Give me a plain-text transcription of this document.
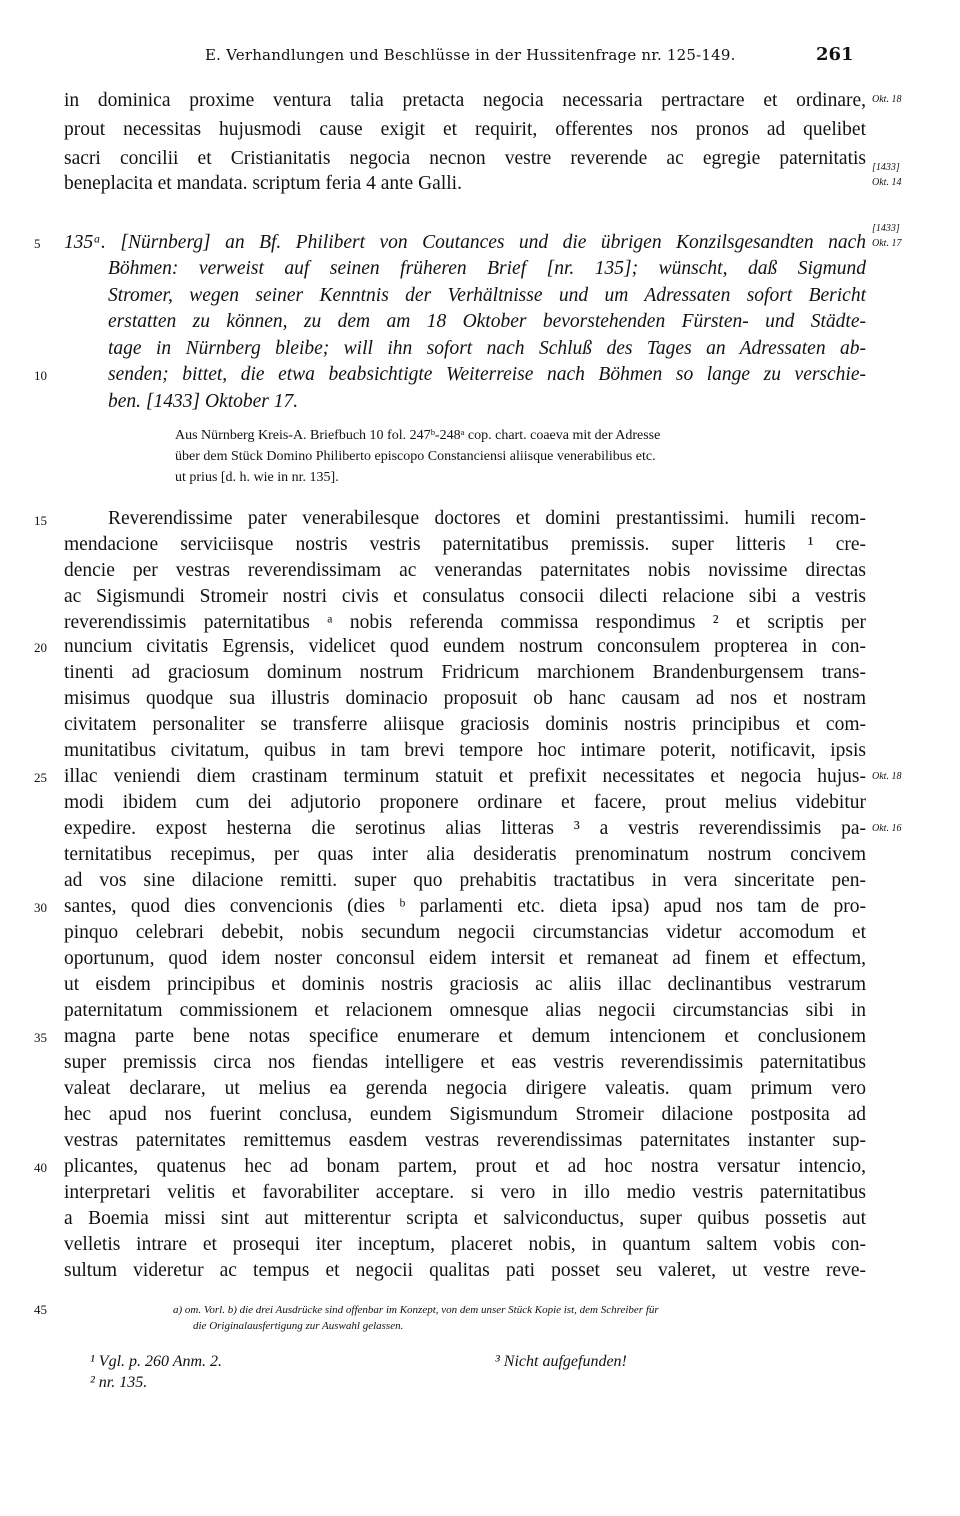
E. Verhandlungen und Beschlüsse in der Hussitenfrage nr. 125-149.	261
in dominica proxime ventura talia pretacta negocia necessaria pertractare et ordinare,
prout necessitas hujusmodi cause exigit et requirit, offerentes nos pronos ad quelibet
sacri concilii et Cristianitatis negocia necnon vestre reverende ac egregie paternitatis
beneplacita et mandata. scriptum feria 4 ante Galli.
Okt. 18
[1433]
Okt. 14
5	135ᵃ. [Nürnberg] an Bf. Philibert von Coutances und die übrigen Konzilsgesandten nach
Böhmen: verweist auf seinen früheren Brief [nr. 135]; wünscht, daß Sigmund
Stromer, wegen seiner Kenntnis der Verhältnisse und um Adressaten sofort Bericht
erstatten zu können, zu dem am 18 Oktober bevorstehenden Fürsten- und Städte-
tage in Nürnberg bleibe; will ihn sofort nach Schluß des Tages an Adressaten ab-
10	senden; bittet, die etwa beabsichtigte Weiterreise nach Böhmen so lange zu verschie-
ben. [1433] Oktober 17.
[1433]
Okt. 17
Aus Nürnberg Kreis-A. Briefbuch 10 fol. 247ᵇ-248ᵃ cop. chart. coaeva mit der Adresse
über dem Stück Domino Philiberto episcopo Constanciensi aliisque venerabilibus etc.
ut prius [d. h. wie in nr. 135].
15	Reverendissime pater venerabilesque doctores et domini prestantissimi. humili recom-
mendacione serviciisque nostris vestris paternitatibus premissis. super litteris ¹ cre-
dencie per vestras reverendissimam ac venerandas paternitates nobis novissime directas
ac Sigismundi Stromeir nostri civis et consulatus consocii dilecti relacione sibi a vestris
reverendissimis paternitatibus ᵃ nobis referenda commissa respondimus ² et scriptis per
20 nuncium civitatis Egrensis, videlicet quod eundem nostrum conconsulem propterea in con-
tinenti ad graciosum dominum nostrum Fridricum marchionem Brandenburgensem trans-
misimus quodque sua illustris dominacio proposuit ob hanc causam ad nos et nostram
civitatem personaliter se transferre aliisque graciosis dominis nostris principibus et com-
munitatibus civitatum, quibus in tam brevi tempore hoc intimare poterit, notificavit, ipsis
25 illac veniendi diem crastinam terminum statuit et prefixit necessitates et negocia hujus-
modi ibidem cum dei adjutorio proponere ordinare et facere, prout melius videbitur
expedire. expost hesterna die serotinus alias litteras ³ a vestris reverendissimis pa-
ternitatibus recepimus, per quas inter alia desideratis prenominatum nostrum concivem
ad vos sine dilacione remitti. super quo prehabitis tractatibus in vera sinceritate pen-
30 santes, quod dies convencionis (dies ᵇ parlamenti etc. dieta ipsa) apud nos tam de pro-
pinquo celebrari debebit, nobis secundum negocii circumstancias videtur accomodum et
oportunum, quod idem noster conconsul eidem intersit et remaneat ad finem et effectum,
ut eisdem principibus et dominis nostris graciosis ac aliis illac declinantibus vestrarum
paternitatum commissionem et relacionem omnesque alias negocii circumstancias sibi in
35 magna parte bene notas specifice enumerare et demum intencionem et conclusionem
super premissis circa nos fiendas intelligere et eas vestris reverendissimis paternitatibus
valeat declarare, ut melius ea gerenda negocia dirigere valeatis. quam primum vero
hec apud nos fuerint conclusa, eundem Sigismundum Stromeir dilacione postposita ad
vestras paternitates remittemus easdem vestras reverendissimas paternitates instanter sup-
40 plicantes, quatenus hec ad bonam partem, prout et ad hoc nostra versatur intencio,
interpretari velitis et favorabiliter acceptare. si vero in illo medio vestris paternitatibus
a Boemia missi sint aut mitterentur scripta et salviconductus, super quibus possetis aut
velletis intrare et prosequi iter inceptum, placeret nobis, in quantum saltem vobis con-
sultum videretur ac tempus et negocii qualitas pati posset seu valeret, ut vestre reve-
Okt. 18
Okt. 16
45	a) om. Vorl. b) die drei Ausdrücke sind offenbar im Konzept, von dem unser Stück Kopie ist, dem Schreiber für
die Originalausfertigung zur Auswahl gelassen.
¹ Vgl. p. 260 Anm. 2.
² nr. 135.
³ Nicht aufgefunden!
